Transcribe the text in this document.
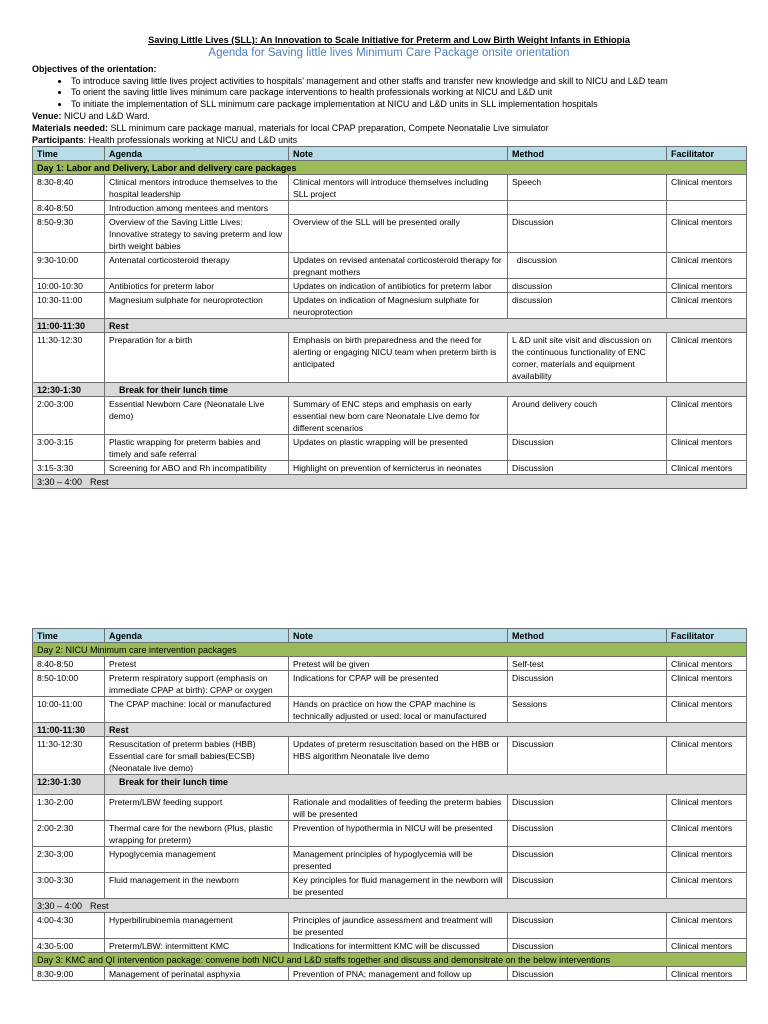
Saving Little Lives (SLL): An Innovation to Scale Initiative for Preterm and Low Birth Weight Infants in Ethiopia
Agenda for Saving little lives Minimum Care Package onsite orientation
Objectives of the orientation:
• To introduce saving little lives project activities to hospitals’ management and other staffs and transfer new knowledge and skill to NICU and L&D team
• To orient the saving little lives minimum care package interventions to health professionals working at NICU and L&D unit
• To initiate the implementation of SLL minimum care package implementation at NICU and L&D units in SLL implementation hospitals
Venue: NICU and L&D Ward.
Materials needed: SLL minimum care package manual, materials for local CPAP preparation, Compete Neonatalie Live simulator
Participants: Health professionals working at NICU and L&D units
Time	Agenda	Note	Method	Facilitator
Day 1: Labor and Delivery, Labor and delivery care packages				
8:30-8:40	Clinical mentors introduce themselves to the hospital leadership	Clinical mentors will introduce themselves including SLL project	Speech	Clinical mentors
8:40-8:50	Introduction among mentees and mentors			
8:50-9:30	Overview of the Saving Little Lives: Innovative strategy to saving preterm and low birth weight babies	Overview of the SLL will be presented orally	Discussion	Clinical mentors
9:30-10:00	Antenatal corticosteroid therapy	Updates on revised antenatal corticosteroid therapy for pregnant mothers	discussion	Clinical mentors
10:00-10:30	Antibiotics for preterm labor	Updates on indication of antibiotics for preterm labor	discussion	Clinical mentors
10:30-11:00	Magnesium sulphate for neuroprotection	Updates on indication of Magnesium sulphate for neuroprotection	discussion	Clinical mentors
11:00-11:30	Rest			
11:30-12:30	Preparation for a birth	Emphasis on birth preparedness and the need for alerting or engaging NICU team when preterm birth is anticipated	L &D unit site visit and discussion on the continuous functionality of ENC corner, materials and equipment availability	Clinical mentors
12:30-1:30	Break for their lunch time			
2:00-3:00	Essential Newborn Care (Neonatale Live demo)	Summary of ENC steps and emphasis on early essential new born care Neonatale Live demo for different scenarios	Around delivery couch	Clinical mentors
3:00-3:15	Plastic wrapping for preterm babies and timely and safe referral	Updates on plastic wrapping will be presented	Discussion	Clinical mentors
3:15-3:30	Screening for ABO and Rh incompatibility	Highlight on prevention of kernicterus in neonates	Discussion	Clinical mentors
3:30 – 4:00 Rest				
Time	Agenda	Note	Method	Facilitator
Day 2: NICU Minimum care intervention packages				
8:40-8:50	Pretest	Pretest will be given	Self-test	Clinical mentors
8:50-10:00	Preterm respiratory support (emphasis on immediate CPAP at birth): CPAP or oxygen	Indications for CPAP will be presented	Discussion	Clinical mentors
10:00-11:00	The CPAP machine: local or manufactured	Hands on practice on how the CPAP machine is technically adjusted or used: local or manufactured	Sessions	Clinical mentors
11:00-11:30	Rest			
11:30-12:30	Resuscitation of preterm babies (HBB) Essential care for small babies(ECSB) (Neonatale live demo)	Updates of preterm resuscitation based on the HBB or HBS algorithm Neonatale live demo	Discussion	Clinical mentors
12:30-1:30	Break for their lunch time			
1:30-2:00	Preterm/LBW feeding support	Rationale and modalities of feeding the preterm babies will be presented	Discussion	Clinical mentors
2:00-2:30	Thermal care for the newborn (Plus, plastic wrapping for preterm)	Prevention of hypothermia in NICU will be presented	Discussion	Clinical mentors
2:30-3:00	Hypoglycemia management	Management principles of hypoglycemia will be presented	Discussion	Clinical mentors
3:00-3:30	Fluid management in the newborn	Key principles for fluid management in the newborn will be presented	Discussion	Clinical mentors
3:30 – 4:00 Rest				
4:00-4:30	Hyperbilirubinemia management	Principles of jaundice assessment and treatment will be presented	Discussion	Clinical mentors
4:30-5:00	Preterm/LBW: intermittent KMC	Indications for intermittent KMC will be discussed	Discussion	Clinical mentors
Day 3: KMC and QI intervention package: convene both NICU and L&D staffs together and discuss and demonsitrate on the below interventions				
8:30-9:00	Management of perinatal asphyxia	Prevention of PNA; management and follow up	Discussion	Clinical mentors
